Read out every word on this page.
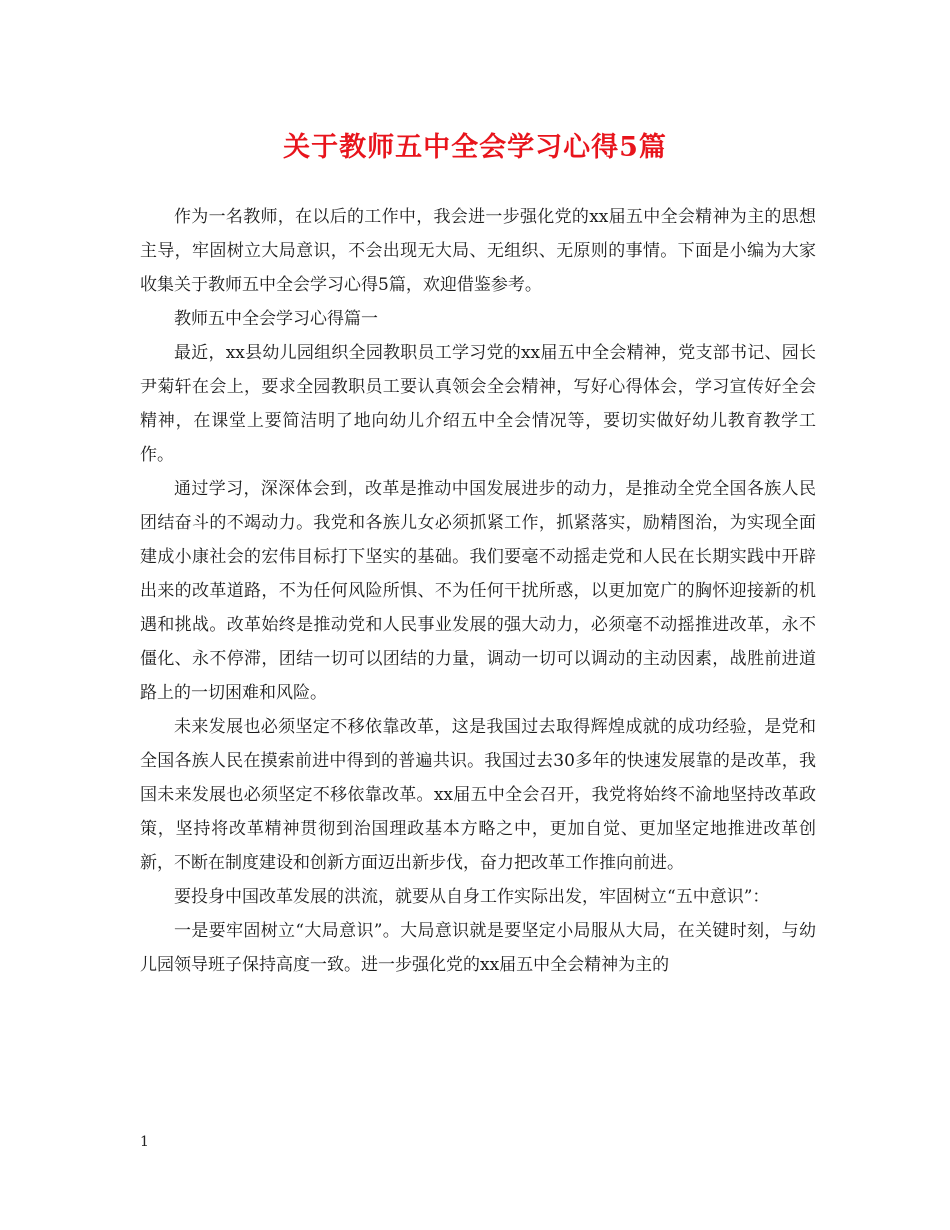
关于教师五中全会学习心得5篇

作为一名教师，在以后的工作中，我会进一步强化党的xx届五中全会精神为主的思想主导，牢固树立大局意识，不会出现无大局、无组织、无原则的事情。下面是小编为大家收集关于教师五中全会学习心得5篇，欢迎借鉴参考。

教师五中全会学习心得篇一

最近，xx县幼儿园组织全园教职员工学习党的xx届五中全会精神，党支部书记、园长尹菊轩在会上，要求全园教职员工要认真领会全会精神，写好心得体会，学习宣传好全会精神，在课堂上要简洁明了地向幼儿介绍五中全会情况等，要切实做好幼儿教育教学工作。

通过学习，深深体会到，改革是推动中国发展进步的动力，是推动全党全国各族人民团结奋斗的不竭动力。我党和各族儿女必须抓紧工作，抓紧落实，励精图治，为实现全面建成小康社会的宏伟目标打下坚实的基础。我们要毫不动摇走党和人民在长期实践中开辟出来的改革道路，不为任何风险所惧、不为任何干扰所惑，以更加宽广的胸怀迎接新的机遇和挑战。改革始终是推动党和人民事业发展的强大动力，必须毫不动摇推进改革，永不僵化、永不停滞，团结一切可以团结的力量，调动一切可以调动的主动因素，战胜前进道路上的一切困难和风险。

未来发展也必须坚定不移依靠改革，这是我国过去取得辉煌成就的成功经验，是党和全国各族人民在摸索前进中得到的普遍共识。我国过去30多年的快速发展靠的是改革，我国未来发展也必须坚定不移依靠改革。xx届五中全会召开，我党将始终不渝地坚持改革政策，坚持将改革精神贯彻到治国理政基本方略之中，更加自觉、更加坚定地推进改革创新，不断在制度建设和创新方面迈出新步伐，奋力把改革工作推向前进。

要投身中国改革发展的洪流，就要从自身工作实际出发，牢固树立“五中意识”：

一是要牢固树立“大局意识”。大局意识就是要坚定小局服从大局，在关键时刻，与幼儿园领导班子保持高度一致。进一步强化党的xx届五中全会精神为主的

1
